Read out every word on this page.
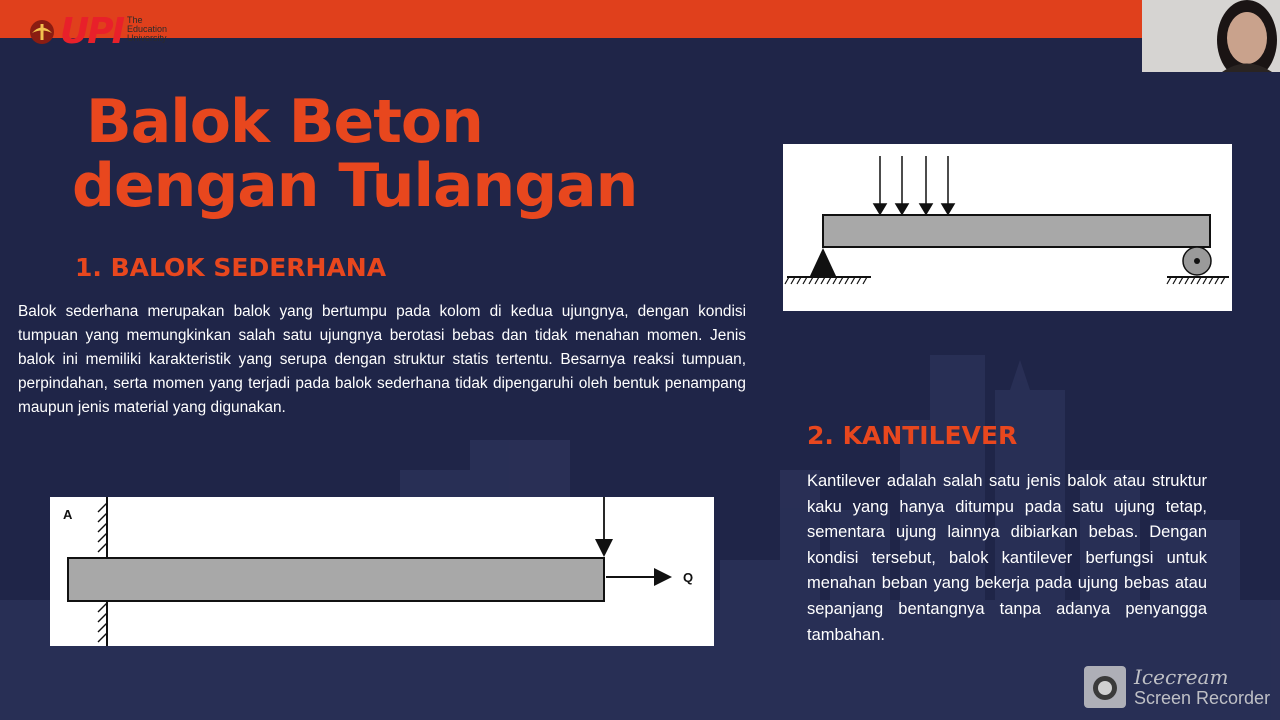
UPI The
Education
University
Balok Beton
dengan Tulangan
1. BALOK SEDERHANA
Balok sederhana merupakan balok yang bertumpu pada kolom di kedua ujungnya, dengan kondisi tumpuan yang memungkinkan salah satu ujungnya berotasi bebas dan tidak menahan momen. Jenis balok ini memiliki karakteristik yang serupa dengan struktur statis tertentu. Besarnya reaksi tumpuan, perpindahan, serta momen yang terjadi pada balok sederhana tidak dipengaruhi oleh bentuk penampang maupun jenis material yang digunakan.
2. KANTILEVER
Kantilever adalah salah satu jenis balok atau struktur kaku yang hanya ditumpu pada satu ujung tetap, sementara ujung lainnya dibiarkan bebas. Dengan kondisi tersebut, balok kantilever berfungsi untuk menahan beban yang bekerja pada ujung bebas atau sepanjang bentangnya tanpa adanya penyangga tambahan.
A
Q
Icecream
Screen Recorder
